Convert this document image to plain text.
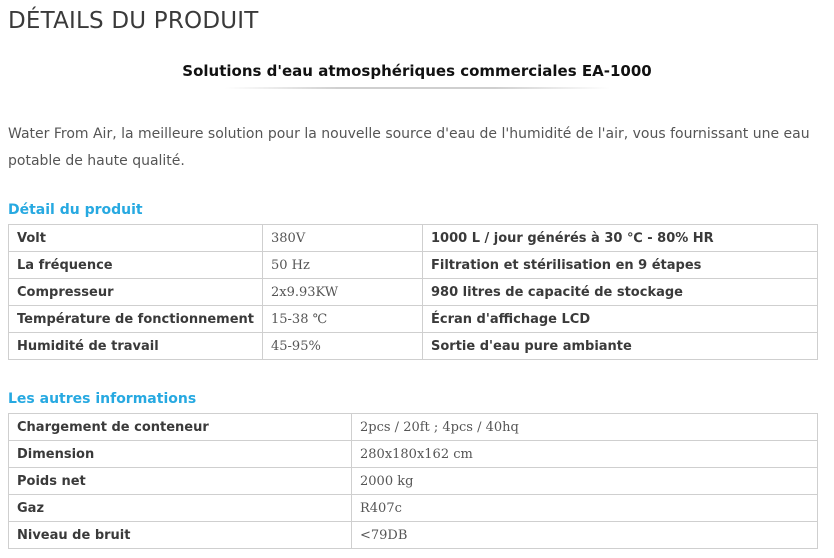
DÉTAILS DU PRODUIT
Solutions d'eau atmosphériques commerciales EA-1000
Water From Air, la meilleure solution pour la nouvelle source d'eau de l'humidité de l'air, vous fournissant une eau potable de haute qualité.
Détail du produit
Volt	380V	1000 L / jour générés à 30 ℃ - 80% HR
La fréquence	50 Hz	Filtration et stérilisation en 9 étapes
Compresseur	2x9.93KW	980 litres de capacité de stockage
Température de fonctionnement	15-38 ℃	Écran d'affichage LCD
Humidité de travail	45-95%	Sortie d'eau pure ambiante
Les autres informations
Chargement de conteneur	2pcs / 20ft ; 4pcs / 40hq
Dimension	280x180x162 cm
Poids net	2000 kg
Gaz	R407c
Niveau de bruit	<79DB
